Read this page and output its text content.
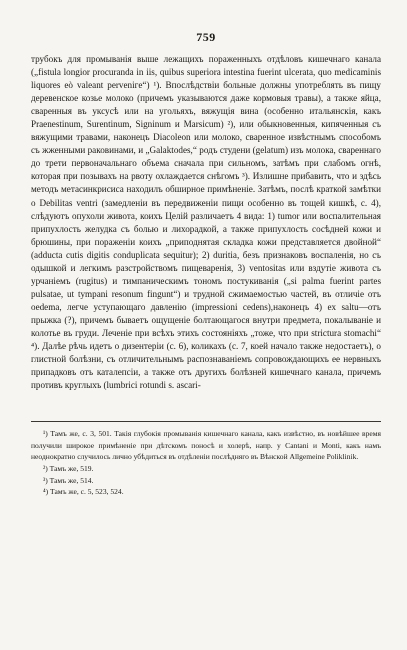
759

трубокъ для промыванія выше лежащихъ пораженныхъ отдѣловъ кишечнаго канала („fistula longior procuranda in iis, quibus superiora intestina fuerint ulcerata, quo medicaminis liquores eò valeant perveniгe“) ¹). Впослѣдствіи больные должны употреблять въ пищу деревенское козье молоко (причемъ указываются даже кормовыя травы), а также яйца, сваренныя въ уксусѣ или на угольяхъ, вяжущія вина (особенно итальянскія, какъ Praenestinum, Surentinum, Signinum и Marsicum) ²), или обыкновенныя, кипяченныя съ вяжущими травами, наконецъ Diacoleon или молоко, сваренное извѣстнымъ способомъ съ жженными раковинами, и „Galaktodes,“ родъ студени (gelatum) изъ молока, свареннаго до трети первоначальнаго объема сначала при сильномъ, затѣмъ при слабомъ огнѣ, которая при позывахъ на рвоту охлаждается снѣгомъ ³). Излишне прибавить, что и здѣсь методъ метасинкрисиса находилъ обширное примѣненіе. Затѣмъ, послѣ краткой замѣтки о Debilitas ventri (замедленіи въ передвиженіи пищи особенно въ тощей кишкѣ, с. 4), слѣдуютъ опухоли живота, коихъ Целій различаетъ 4 вида: 1) tumor или воспалительная припухлость желудка съ болью и лихорадкой, а также припухлость сосѣдней кожи и брюшины, при пораженіи коихъ „приподнятая складка кожи представляется двойной“ (adducta cutis digitis conduplicata sequitur); 2) duritia, безъ признаковъ воспаленія, но съ одышкой и легкимъ разстройствомъ пищеваренія, 3) ventositas или вздутіе живота съ урчаніемъ (rugitus) и тимпаническимъ тономъ постукиванія („si palma fuerint partes pulsatae, ut tympani resonum fingunt“) и трудной сжимаемостью частей, въ отличіе отъ oedema, легче уступающаго давленію (impressioni cedens),наконецъ 4) ex saltu—отъ прыжка (?), причемъ бываетъ ощущеніе болтающагося внутри предмета, покалываніе и колотье въ груди. Леченіе при всѣхъ этихъ состояніяхъ „тоже, что при strictura stomachi“ ⁴). Далѣе рѣчь идетъ о дизентеріи (с. 6), коликахъ (с. 7, коей начало также недостаетъ), о глистной болѣзни, съ отличительнымъ распознаваніемъ сопровождающихъ ее нервныхъ припадковъ отъ каталепсіи, а также отъ другихъ болѣзней кишечнаго канала, причемъ противъ круглыхъ (lumbrici rotundi s. ascari-

¹) Тамъ же, с. 3, 501. Такія глубокія промыванія кишечнаго канала, какъ извѣстно, въ новѣйшее время получили широкое примѣненіе при дѣтскомъ поносѣ и холерѣ, напр. у Cantani и Monti, какъ намъ неоднократно случилось лично убѣдиться въ отдѣленіи послѣдняго въ Вѣнской Allgemeine Poliklinik.

²) Тамъ же, 519.

³) Тамъ же, 514.

⁴) Тамъ же, с. 5, 523, 524.
